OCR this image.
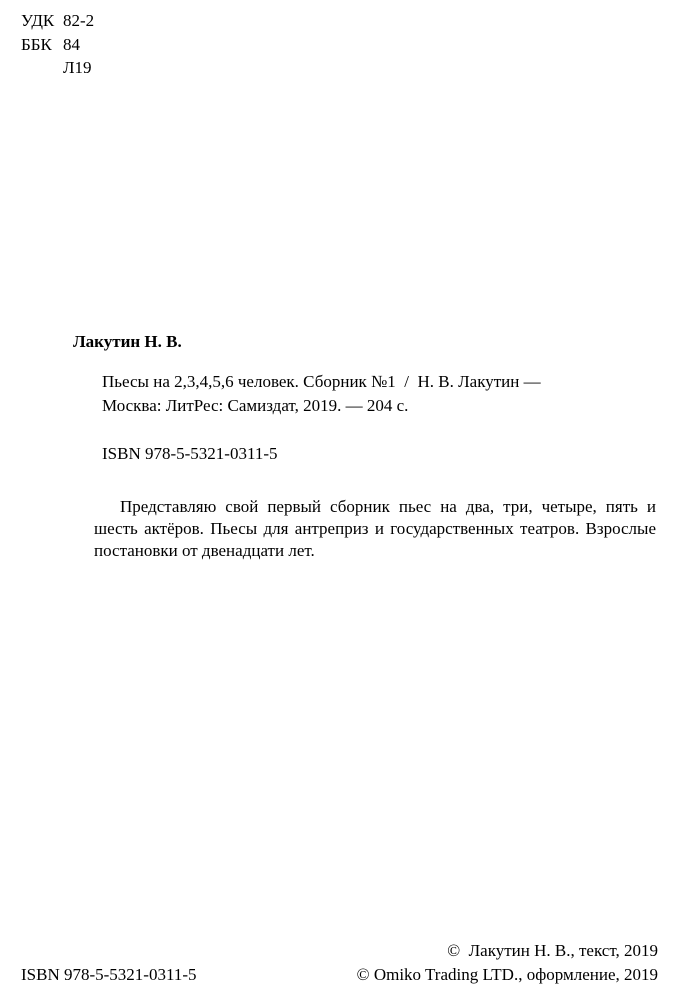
УДК 82-2
ББК 84
Л19
Лакутин Н. В.
Пьесы на 2,3,4,5,6 человек. Сборник №1  /  Н. В. Лакутин —
Москва: ЛитРес: Самиздат, 2019. — 204 с.
ISBN 978-5-5321-0311-5
Представляю свой первый сборник пьес на два, три, четыре, пять и шесть актёров. Пьесы для антреприз и государственных театров. Взрослые постановки от двенадцати лет.
ISBN 978-5-5321-0311-5
©  Лакутин Н. В., текст, 2019
© Omiko Trading LTD., оформление, 2019
